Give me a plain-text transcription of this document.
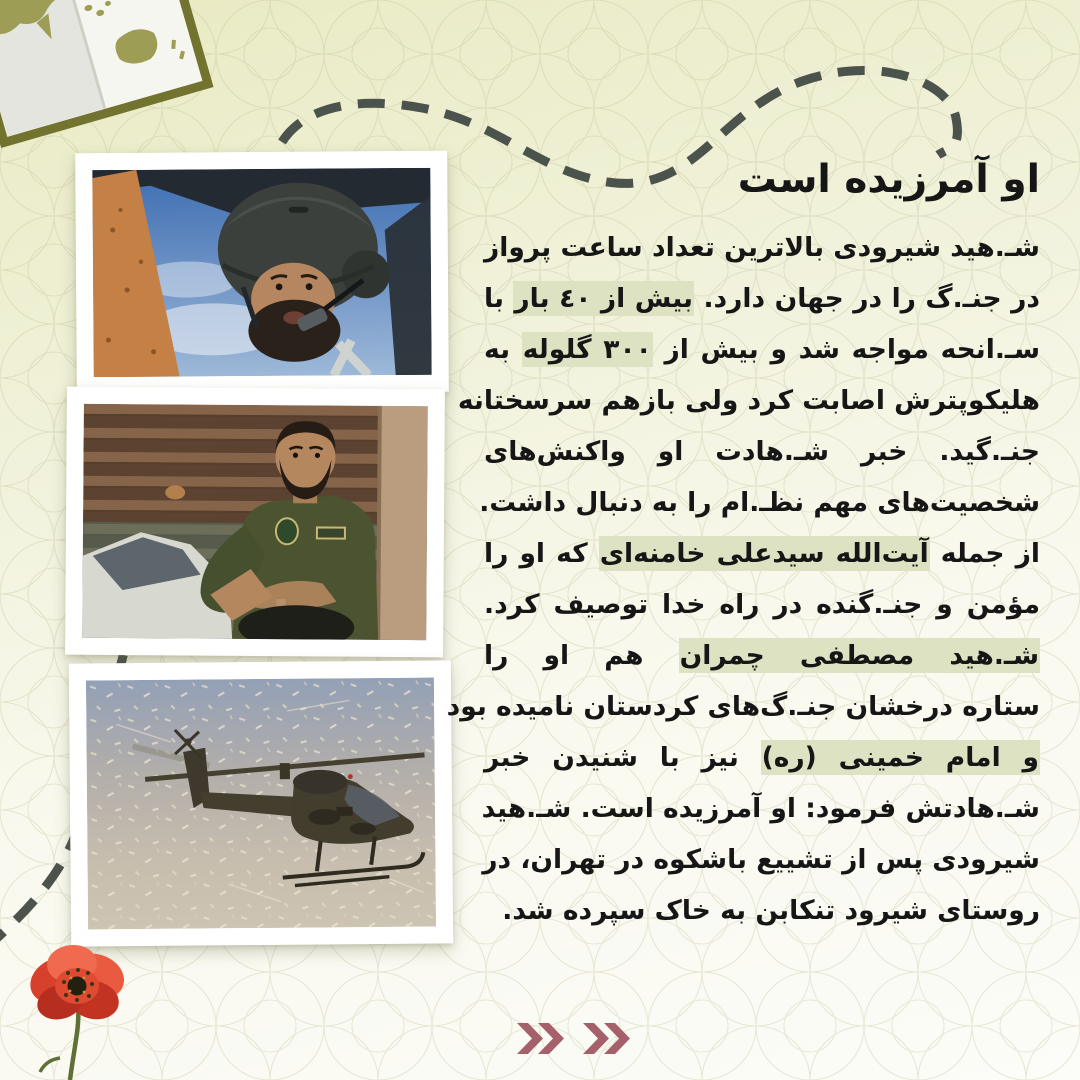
او آمرزیده است
شـ.هید شیرودی بالاترین تعداد ساعت پرواز
در جنـ.گ را در جهان دارد. بیش از ٤٠ بار با
سـ.انحه مواجه شد و بیش از ۳۰۰ گلوله به
هلیکوپترش اصابت کرد ولی بازهم سرسختانه
جنـ.گید. خبر شـ.هادت او واکنش‌های
شخصیت‌های مهم نظـ.ام را به دنبال داشت.
از جمله آیت‌الله سیدعلی خامنه‌ای که او را
مؤمن و جنـ.گنده در راه خدا توصیف کرد.
شـ.هید مصطفی چمران هم او را
ستاره درخشان جنـ.گ‌های کردستان نامیده بود
و امام خمینی (ره) نیز با شنیدن خبر
شـ.هادتش فرمود: او آمرزیده است. شـ.هید
شیرودی پس از تشییع باشکوه در تهران، در
روستای شیرود تنکابن به خاک سپرده شد.
